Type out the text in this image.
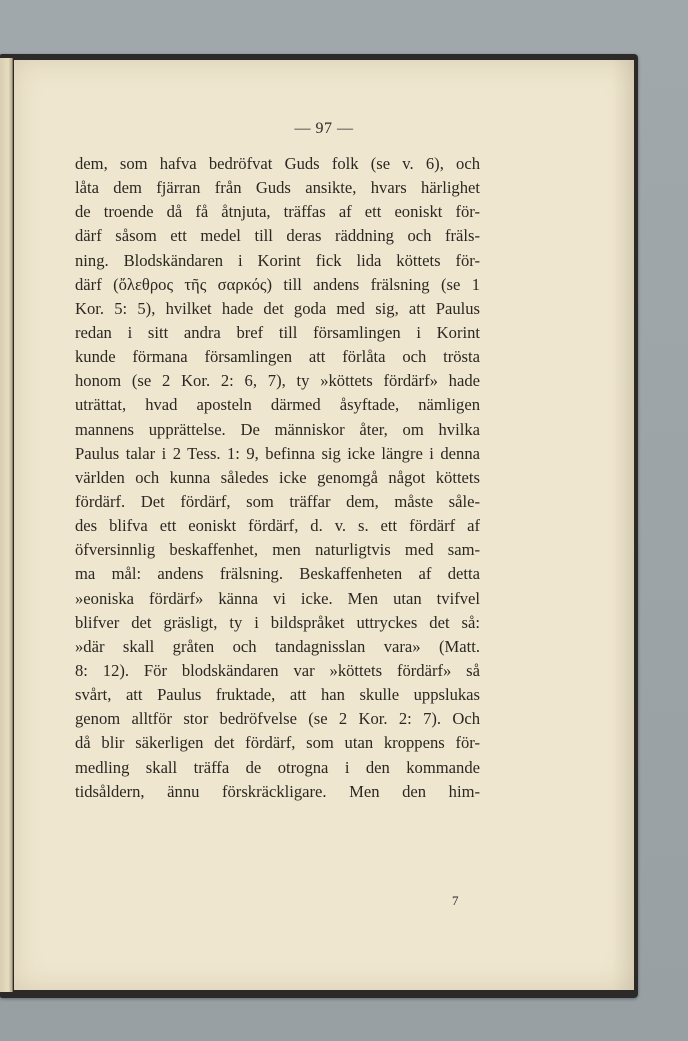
— 97 —
dem, som hafva bedröfvat Guds folk (se v. 6), och
låta dem fjärran från Guds ansikte, hvars härlighet
de troende då få åtnjuta, träffas af ett eoniskt för-
därf såsom ett medel till deras räddning och fräls-
ning. Blodskändaren i Korint fick lida köttets för-
därf (ὄλεθρος τῆς σαρκός) till andens frälsning (se 1
Kor. 5: 5), hvilket hade det goda med sig, att Paulus
redan i sitt andra bref till församlingen i Korint
kunde förmana församlingen att förlåta och trösta
honom (se 2 Kor. 2: 6, 7), ty »köttets fördärf» hade
uträttat, hvad aposteln därmed åsyftade, nämligen
mannens upprättelse. De människor åter, om hvilka
Paulus talar i 2 Tess. 1: 9, befinna sig icke längre i denna
världen och kunna således icke genomgå något köttets
fördärf. Det fördärf, som träffar dem, måste såle-
des blifva ett eoniskt fördärf, d. v. s. ett fördärf af
öfversinnlig beskaffenhet, men naturligtvis med sam-
ma mål: andens frälsning. Beskaffenheten af detta
»eoniska fördärf» känna vi icke. Men utan tvifvel
blifver det gräsligt, ty i bildspråket uttryckes det så:
»där skall gråten och tandagnisslan vara» (Matt.
8: 12). För blodskändaren var »köttets fördärf» så
svårt, att Paulus fruktade, att han skulle uppslukas
genom alltför stor bedröfvelse (se 2 Kor. 2: 7). Och
då blir säkerligen det fördärf, som utan kroppens för-
medling skall träffa de otrogna i den kommande
tidsåldern, ännu förskräckligare. Men den him-
7
